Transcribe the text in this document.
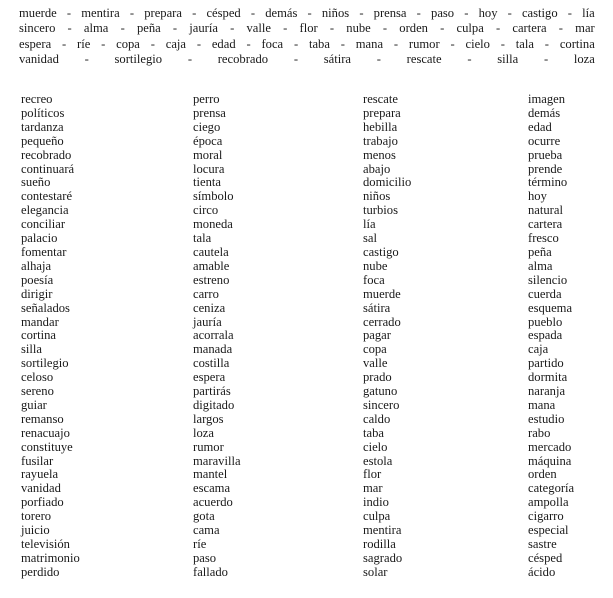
muerde - mentira - prepara - césped - demás - niños - prensa - paso - hoy - castigo - lía
sincero - alma - peña - jauría - valle - flor - nube - orden - culpa - cartera - mar
espera - ríe - copa - caja - edad - foca - taba - mana - rumor - cielo - tala - cortina
vanidad - sortilegio - recobrado - sátira - rescate - silla - loza
recreo
políticos
tardanza
pequeño
recobrado
continuará
sueño
contestaré
elegancia
conciliar
palacio
fomentar
alhaja
poesía
dirigir
señalados
mandar
cortina
silla
sortilegio
celoso
sereno
guiar
remanso
renacuajo
constituye
fusilar
rayuela
vanidad
porfiado
torero
juicio
televisión
matrimonio
perdido
perro
prensa
ciego
época
moral
locura
tienta
símbolo
circo
moneda
tala
cautela
amable
estreno
carro
ceniza
jauría
acorrala
manada
costilla
espera
partirás
digitado
largos
loza
rumor
maravilla
mantel
escama
acuerdo
gota
cama
ríe
paso
fallado
rescate
prepara
hebilla
trabajo
menos
abajo
domicilio
niños
turbios
lía
sal
castigo
nube
foca
muerde
sátira
cerrado
pagar
copa
valle
prado
gatuno
sincero
caldo
taba
cielo
estola
flor
mar
indio
culpa
mentira
rodilla
sagrado
solar
imagen
demás
edad
ocurre
prueba
prende
término
hoy
natural
cartera
fresco
peña
alma
silencio
cuerda
esquema
pueblo
espada
caja
partido
dormita
naranja
mana
estudio
rabo
mercado
máquina
orden
categoría
ampolla
cigarro
especial
sastre
césped
ácido
